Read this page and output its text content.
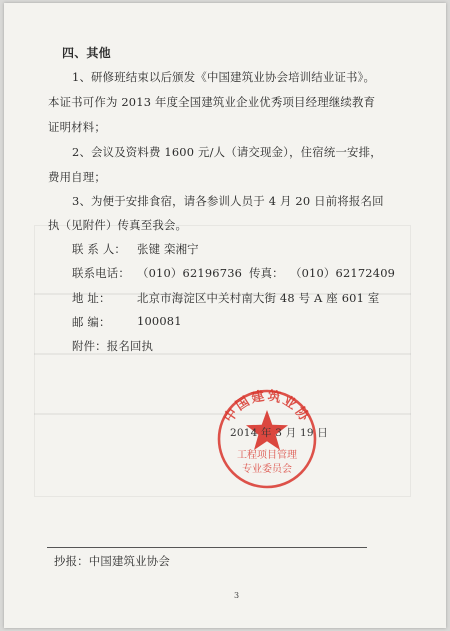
四、其他
1、研修班结束以后颁发《中国建筑业协会培训结业证书》。
本证书可作为 2013 年度全国建筑业企业优秀项目经理继续教育
证明材料；
2、会议及资料费 1600 元/人（请交现金），住宿统一安排，
费用自理；
3、为便于安排食宿，请各参训人员于 4 月 20 日前将报名回
执（见附件）传真至我会。
联 系 人： 张键 栾湘宁
联系电话： （010）62196736 传真： （010）62172409
地 址： 北京市海淀区中关村南大街 48 号 A 座 601 室
邮 编： 100081
附件：报名回执
中国建筑业协
工程项目管理
专业委员会
2014 年 3 月 19 日
抄报：中国建筑业协会
3
